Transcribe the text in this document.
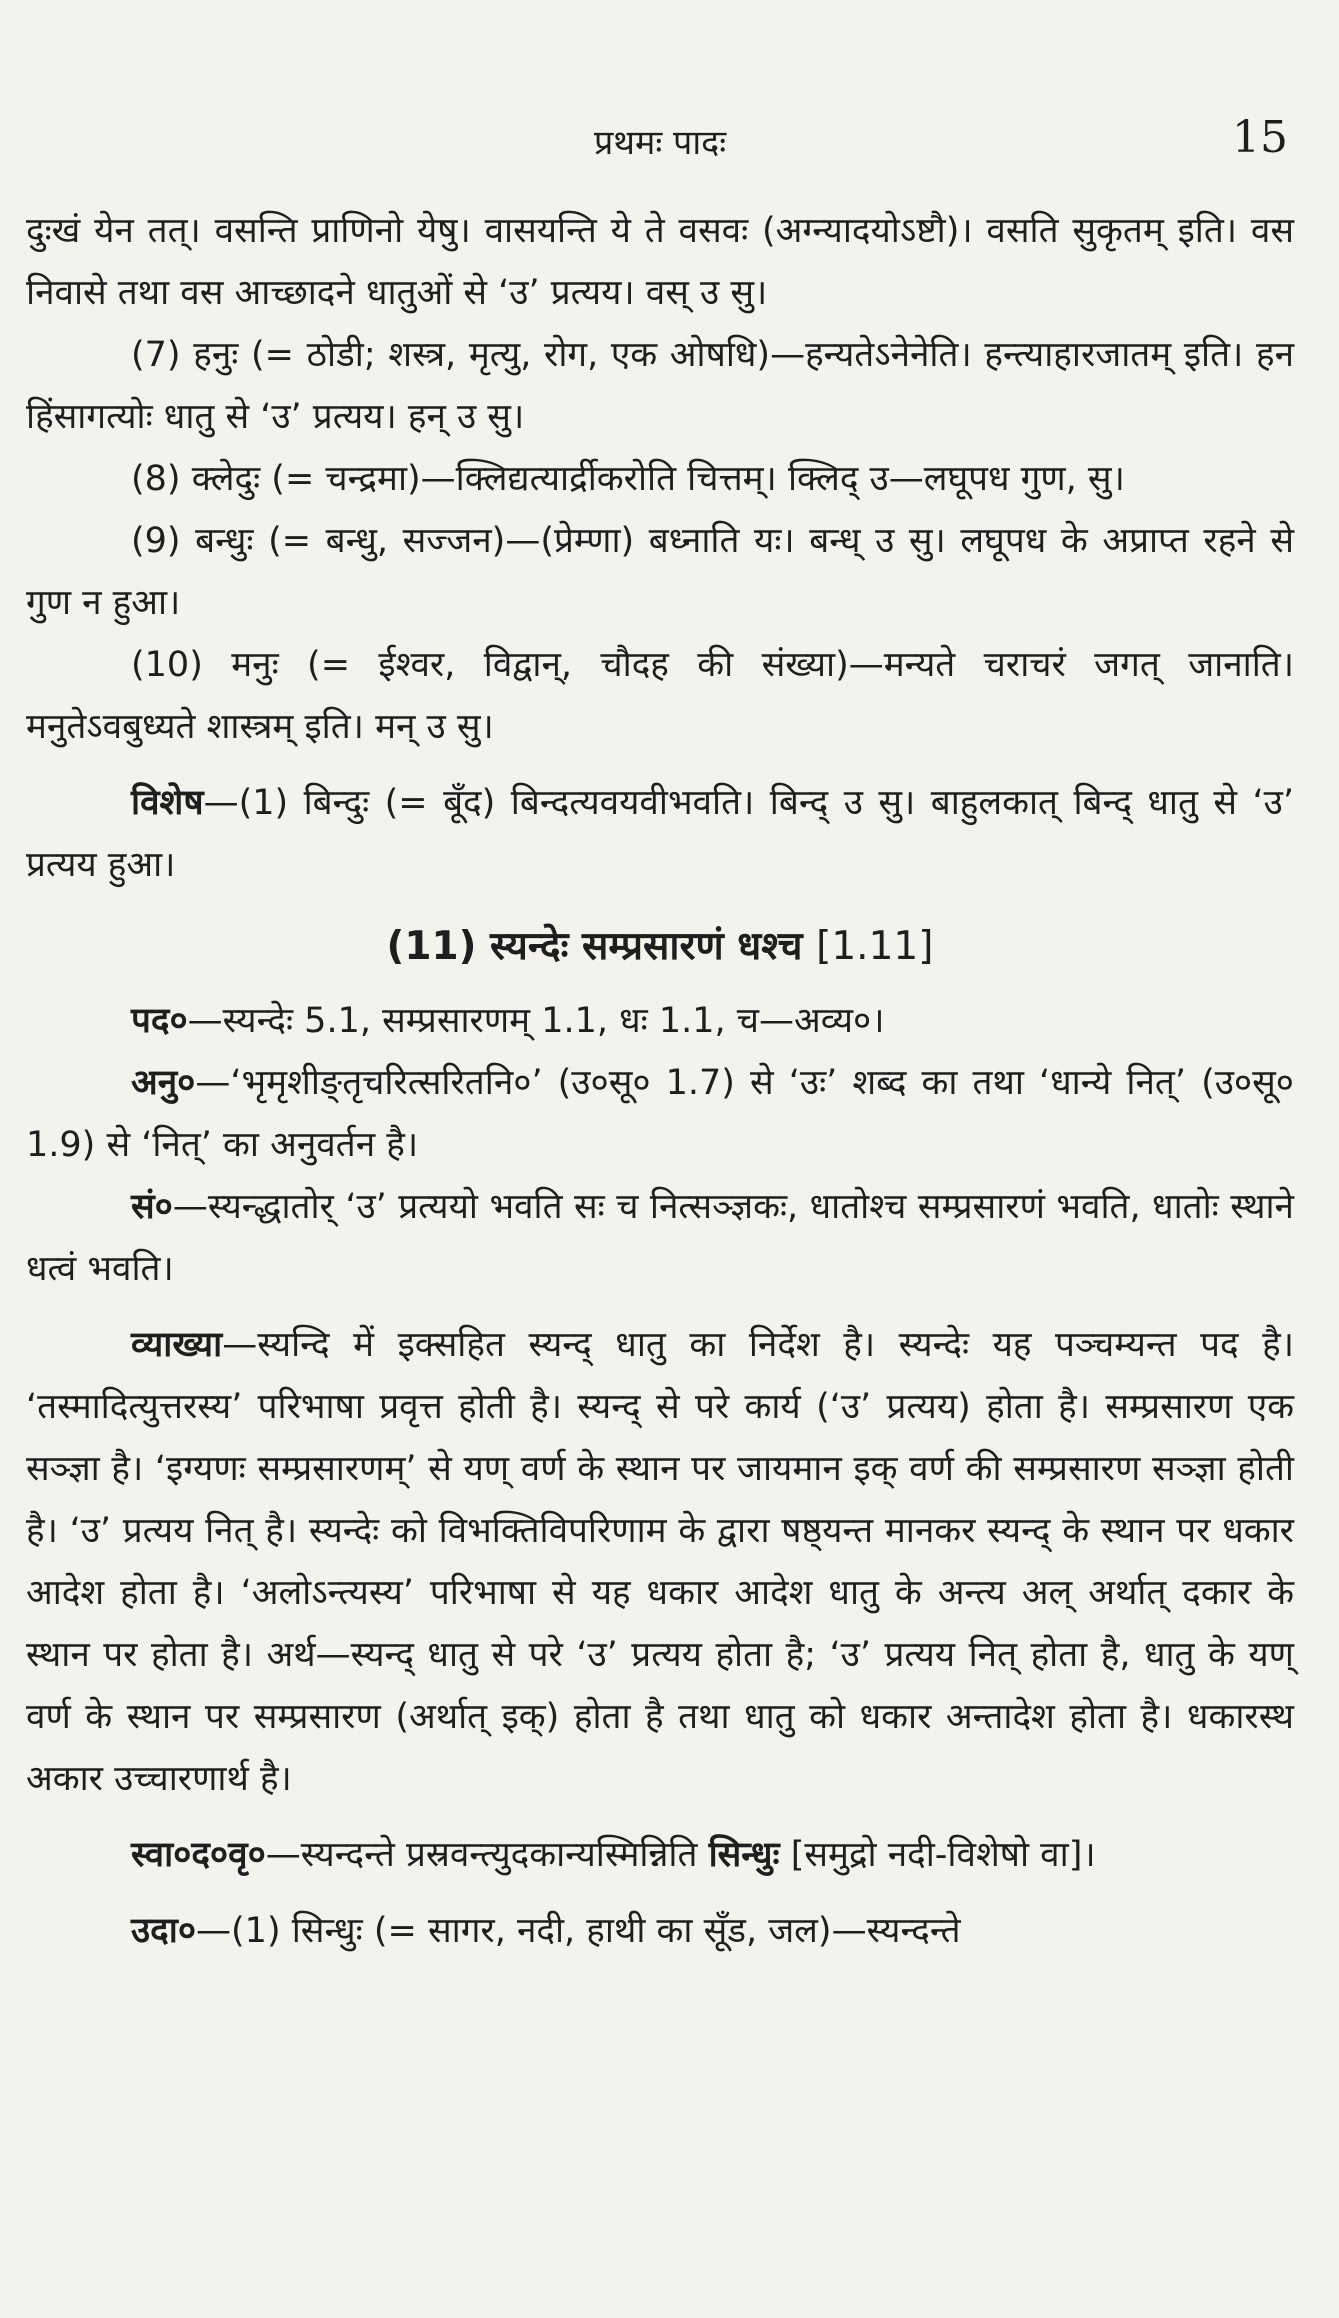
प्रथमः पादः	15

दुःखं येन तत्। वसन्ति प्राणिनो येषु। वासयन्ति ये ते वसवः (अग्न्यादयोऽष्टौ)। वसति सुकृतम् इति। वस निवासे तथा वस आच्छादने धातुओं से ‘उ’ प्रत्यय। वस् उ सु।

(7) हनुः (= ठोडी; शस्त्र, मृत्यु, रोग, एक ओषधि)—हन्यतेऽनेनेति। हन्त्याहारजातम् इति। हन हिंसागत्योः धातु से ‘उ’ प्रत्यय। हन् उ सु।

(8) क्लेदुः (= चन्द्रमा)—क्लिद्यत्यार्द्रीकरोति चित्तम्। क्लिद् उ—लघूपध गुण, सु।

(9) बन्धुः (= बन्धु, सज्जन)—(प्रेम्णा) बध्नाति यः। बन्ध् उ सु। लघूपध के अप्राप्त रहने से गुण न हुआ।

(10) मनुः (= ईश्वर, विद्वान्, चौदह की संख्या)—मन्यते चराचरं जगत् जानाति। मनुतेऽवबुध्यते शास्त्रम् इति। मन् उ सु।

विशेष—(1) बिन्दुः (= बूँद) बिन्दत्यवयवीभवति। बिन्द् उ सु। बाहुलकात् बिन्द् धातु से ‘उ’ प्रत्यय हुआ।

(11) स्यन्देः सम्प्रसारणं धश्च [1.11]

पद०—स्यन्देः 5.1, सम्प्रसारणम् 1.1, धः 1.1, च—अव्य०।

अनु०—‘भृमृशीङ्तृचरित्सरितनि०’ (उ०सू० 1.7) से ‘उः’ शब्द का तथा ‘धान्ये नित्’ (उ०सू० 1.9) से ‘नित्’ का अनुवर्तन है।

सं०—स्यन्द्धातोर् ‘उ’ प्रत्ययो भवति सः च नित्सञ्ज्ञकः, धातोश्च सम्प्रसारणं भवति, धातोः स्थाने धत्वं भवति।

व्याख्या—स्यन्दि में इक्सहित स्यन्द् धातु का निर्देश है। स्यन्देः यह पञ्चम्यन्त पद है। ‘तस्मादित्युत्तरस्य’ परिभाषा प्रवृत्त होती है। स्यन्द् से परे कार्य (‘उ’ प्रत्यय) होता है। सम्प्रसारण एक सञ्ज्ञा है। ‘इग्यणः सम्प्रसारणम्’ से यण् वर्ण के स्थान पर जायमान इक् वर्ण की सम्प्रसारण सञ्ज्ञा होती है। ‘उ’ प्रत्यय नित् है। स्यन्देः को विभक्तिविपरिणाम के द्वारा षष्ठ्यन्त मानकर स्यन्द् के स्थान पर धकार आदेश होता है। ‘अलोऽन्त्यस्य’ परिभाषा से यह धकार आदेश धातु के अन्त्य अल् अर्थात् दकार के स्थान पर होता है। अर्थ—स्यन्द् धातु से परे ‘उ’ प्रत्यय होता है; ‘उ’ प्रत्यय नित् होता है, धातु के यण् वर्ण के स्थान पर सम्प्रसारण (अर्थात् इक्) होता है तथा धातु को धकार अन्तादेश होता है। धकारस्थ अकार उच्चारणार्थ है।

स्वा०द०वृ०—स्यन्दन्ते प्रस्रवन्त्युदकान्यस्मिन्निति सिन्धुः [समुद्रो नदी-विशेषो वा]।

उदा०—(1) सिन्धुः (= सागर, नदी, हाथी का सूँड, जल)—स्यन्दन्ते
